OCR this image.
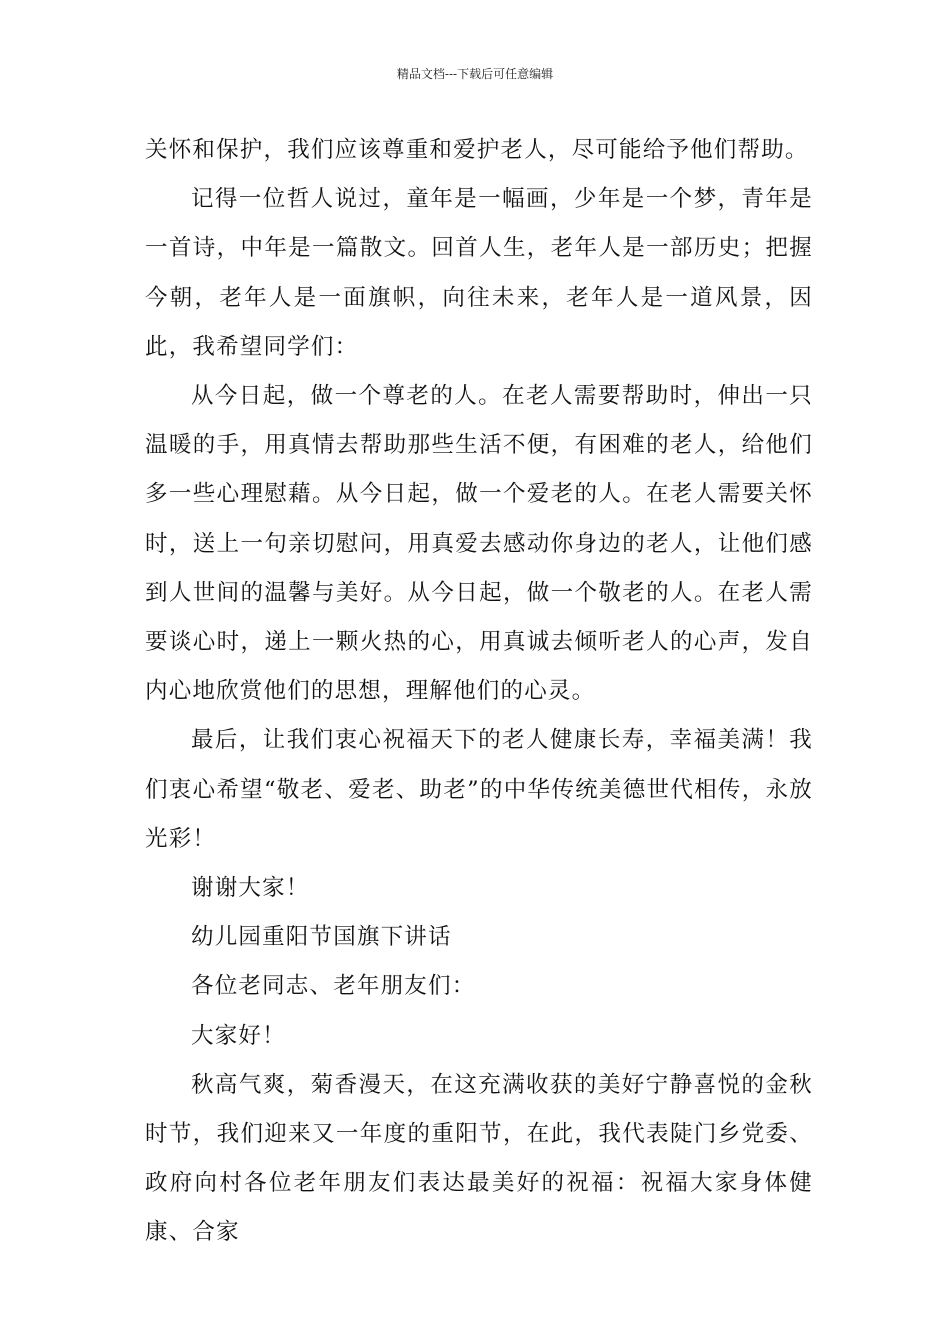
精品文档---下载后可任意编辑

关怀和保护，我们应该尊重和爱护老人，尽可能给予他们帮助。

记得一位哲人说过，童年是一幅画，少年是一个梦，青年是一首诗，中年是一篇散文。回首人生，老年人是一部历史；把握今朝，老年人是一面旗帜，向往未来，老年人是一道风景，因此，我希望同学们：

从今日起，做一个尊老的人。在老人需要帮助时，伸出一只温暖的手，用真情去帮助那些生活不便，有困难的老人，给他们多一些心理慰藉。从今日起，做一个爱老的人。在老人需要关怀时，送上一句亲切慰问，用真爱去感动你身边的老人，让他们感到人世间的温馨与美好。从今日起，做一个敬老的人。在老人需要谈心时，递上一颗火热的心，用真诚去倾听老人的心声，发自内心地欣赏他们的思想，理解他们的心灵。

最后，让我们衷心祝福天下的老人健康长寿，幸福美满！我们衷心希望“敬老、爱老、助老”的中华传统美德世代相传，永放光彩！

谢谢大家！

幼儿园重阳节国旗下讲话

各位老同志、老年朋友们：

大家好！

秋高气爽，菊香漫天，在这充满收获的美好宁静喜悦的金秋时节，我们迎来又一年度的重阳节，在此，我代表陡门乡党委、政府向村各位老年朋友们表达最美好的祝福：祝福大家身体健康、合家
